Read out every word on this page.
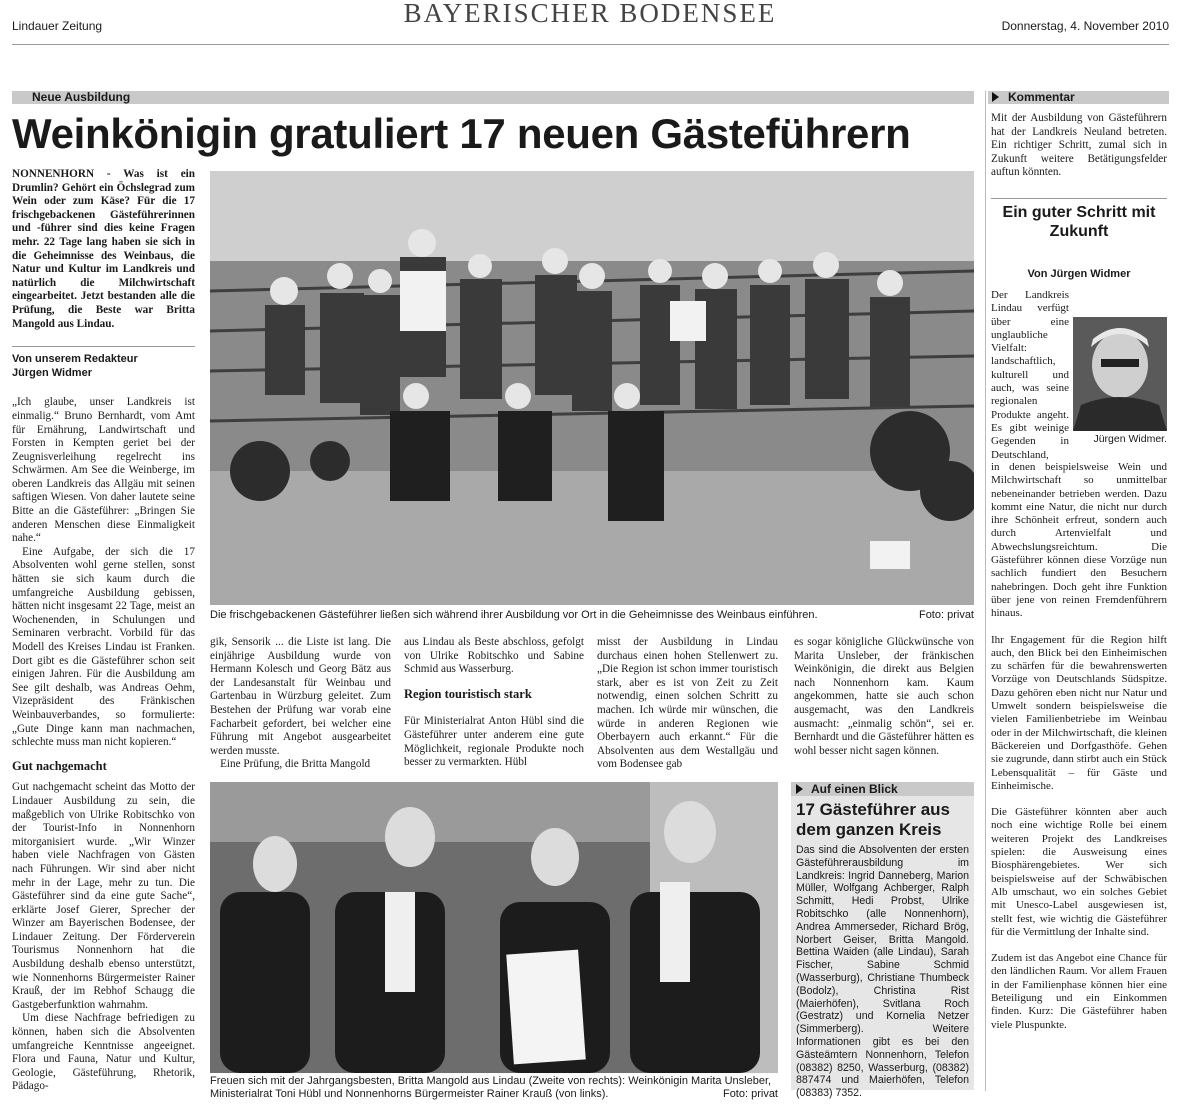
Lindauer Zeitung	BAYERISCHER BODENSEE	Donnerstag, 4. November 2010
Neue Ausbildung
Weinkönigin gratuliert 17 neuen Gästeführern

NONNENHORN - Was ist ein Drumlin? Gehört ein Öchslegrad zum Wein oder zum Käse? Für die 17 frischgebackenen Gästeführerinnen und -führer sind dies keine Fragen mehr. 22 Tage lang haben sie sich in die Geheimnisse des Weinbaus, die Natur und Kultur im Landkreis und natürlich die Milchwirtschaft eingearbeitet. Jetzt bestanden alle die Prüfung, die Beste war Britta Mangold aus Lindau.

Von unserem Redakteur

Jürgen Widmer

„Ich glaube, unser Landkreis ist einmalig.“ Bruno Bernhardt, vom Amt für Ernährung, Landwirtschaft und Forsten in Kempten geriet bei der Zeugnisverleihung regelrecht ins Schwärmen. Am See die Weinberge, im oberen Landkreis das Allgäu mit seinen saftigen Wiesen. Von daher lautete seine Bitte an die Gästeführer: „Bringen Sie anderen Menschen diese Einmaligkeit nahe.“

Eine Aufgabe, der sich die 17 Absolventen wohl gerne stellen, sonst hätten sie sich kaum durch die umfangreiche Ausbildung gebissen, hätten nicht insgesamt 22 Tage, meist an Wochenenden, in Schulungen und Seminaren verbracht. Vorbild für das Modell des Kreises Lindau ist Franken. Dort gibt es die Gästeführer schon seit einigen Jahren. Für die Ausbildung am See gilt deshalb, was Andreas Oehm, Vizepräsident des Fränkischen Weinbauverbandes, so formulierte: „Gute Dinge kann man nachmachen, schlechte muss man nicht kopieren.“

Gut nachgemacht

Gut nachgemacht scheint das Motto der Lindauer Ausbildung zu sein, die maßgeblich von Ulrike Robitschko von der Tourist-Info in Nonnenhorn mitorganisiert wurde. „Wir Winzer haben viele Nachfragen von Gästen nach Führungen. Wir sind aber nicht mehr in der Lage, mehr zu tun. Die Gästeführer sind da eine gute Sache“, erklärte Josef Gierer, Sprecher der Winzer am Bayerischen Bodensee, der Lindauer Zeitung. Der Förderverein Tourismus Nonnenhorn hat die Ausbildung deshalb ebenso unterstützt, wie Nonnenhorns Bürgermeister Rainer Krauß, der im Rebhof Schaugg die Gastgeberfunktion wahrnahm.

Um diese Nachfrage befriedigen zu können, haben sich die Absolventen umfangreiche Kenntnisse angeeignet. Flora und Fauna, Natur und Kultur, Geologie, Gästeführung, Rhetorik, Pädago-

Die frischgebackenen Gästeführer ließen sich während ihrer Ausbildung vor Ort in die Geheimnisse des Weinbaus einführen.	Foto: privat

gik, Sensorik ... die Liste ist lang. Die einjährige Ausbildung wurde von Hermann Kolesch und Georg Bätz aus der Landesanstalt für Weinbau und Gartenbau in Würzburg geleitet. Zum Bestehen der Prüfung war vorab eine Facharbeit gefordert, bei welcher eine Führung mit Angebot ausgearbeitet werden musste.

Eine Prüfung, die Britta Mangold

aus Lindau als Beste abschloss, gefolgt von Ulrike Robitschko und Sabine Schmid aus Wasserburg.

Region touristisch stark

Für Ministerialrat Anton Hübl sind die Gästeführer unter anderem eine gute Möglichkeit, regionale Produkte noch besser zu vermarkten. Hübl

misst der Ausbildung in Lindau durchaus einen hohen Stellenwert zu. „Die Region ist schon immer touristisch stark, aber es ist von Zeit zu Zeit notwendig, einen solchen Schritt zu machen. Ich würde mir wünschen, die würde in anderen Regionen wie Oberbayern auch erkannt.“ Für die Absolventen aus dem Westallgäu und vom Bodensee gab

es sogar königliche Glückwünsche von Marita Unsleber, der fränkischen Weinkönigin, die direkt aus Belgien nach Nonnenhorn kam. Kaum angekommen, hatte sie auch schon ausgemacht, was den Landkreis ausmacht: „einmalig schön“, sei er. Bernhardt und die Gästeführer hätten es wohl besser nicht sagen können.

Freuen sich mit der Jahrgangsbesten, Britta Mangold aus Lindau (Zweite von rechts): Weinkönigin Marita Unsleber, Ministerialrat Toni Hübl und Nonnenhorns Bürgermeister Rainer Krauß (von links).	Foto: privat
Auf einen Blick
17 Gästeführer aus dem ganzen Kreis

Das sind die Absolventen der ersten Gästeführerausbildung im Landkreis: Ingrid Danneberg, Marion Müller, Wolfgang Achberger, Ralph Schmitt, Hedi Probst, Ulrike Robitschko (alle Nonnenhorn), Andrea Ammerseder, Richard Brög, Norbert Geiser, Britta Mangold. Bettina Waiden (alle Lindau), Sarah Fischer, Sabine Schmid (Wasserburg), Christiane Thumbeck (Bodolz), Christina Rist (Maierhöfen), Svitlana Roch (Gestratz) und Kornelia Netzer (Simmerberg). Weitere Informationen gibt es bei den Gästeämtern Nonnenhorn, Telefon (08382) 8250, Wasserburg, (08382) 887474 und Maierhöfen, Telefon (08383) 7352.

Kommentar

Mit der Ausbildung von Gästeführern hat der Landkreis Neuland betreten. Ein richtiger Schritt, zumal sich in Zukunft weitere Betätigungsfelder auftun könnten.

Ein guter Schritt mit Zukunft
Von Jürgen Widmer
Jürgen Widmer.

Der Landkreis Lindau verfügt über eine unglaubliche Vielfalt: landschaftlich, kulturell und auch, was seine regionalen Produkte angeht. Es gibt weinige Gegenden in Deutschland,

in denen beispielsweise Wein und Milchwirtschaft so unmittelbar nebeneinander betrieben werden. Dazu kommt eine Natur, die nicht nur durch ihre Schönheit erfreut, sondern auch durch Artenvielfalt und Abwechslungsreichtum. Die Gästeführer können diese Vorzüge nun sachlich fundiert den Besuchern nahebringen. Doch geht ihre Funktion über jene von reinen Fremdenführern hinaus.

Ihr Engagement für die Region hilft auch, den Blick bei den Einheimischen zu schärfen für die bewahrenswerten Vorzüge von Deutschlands Südspitze. Dazu gehören eben nicht nur Natur und Umwelt sondern beispielsweise die vielen Familienbetriebe im Weinbau oder in der Milchwirtschaft, die kleinen Bäckereien und Dorfgasthöfe. Gehen sie zugrunde, dann stirbt auch ein Stück Lebensqualität – für Gäste und Einheimische.

Die Gästeführer könnten aber auch noch eine wichtige Rolle bei einem weiteren Projekt des Landkreises spielen: die Ausweisung eines Biosphärengebietes. Wer sich beispielsweise auf der Schwäbischen Alb umschaut, wo ein solches Gebiet mit Unesco-Label ausgewiesen ist, stellt fest, wie wichtig die Gästeführer für die Vermittlung der Inhalte sind.

Zudem ist das Angebot eine Chance für den ländlichen Raum. Vor allem Frauen in der Familienphase können hier eine Beteiligung und ein Einkommen finden. Kurz: Die Gästeführer haben viele Pluspunkte.
